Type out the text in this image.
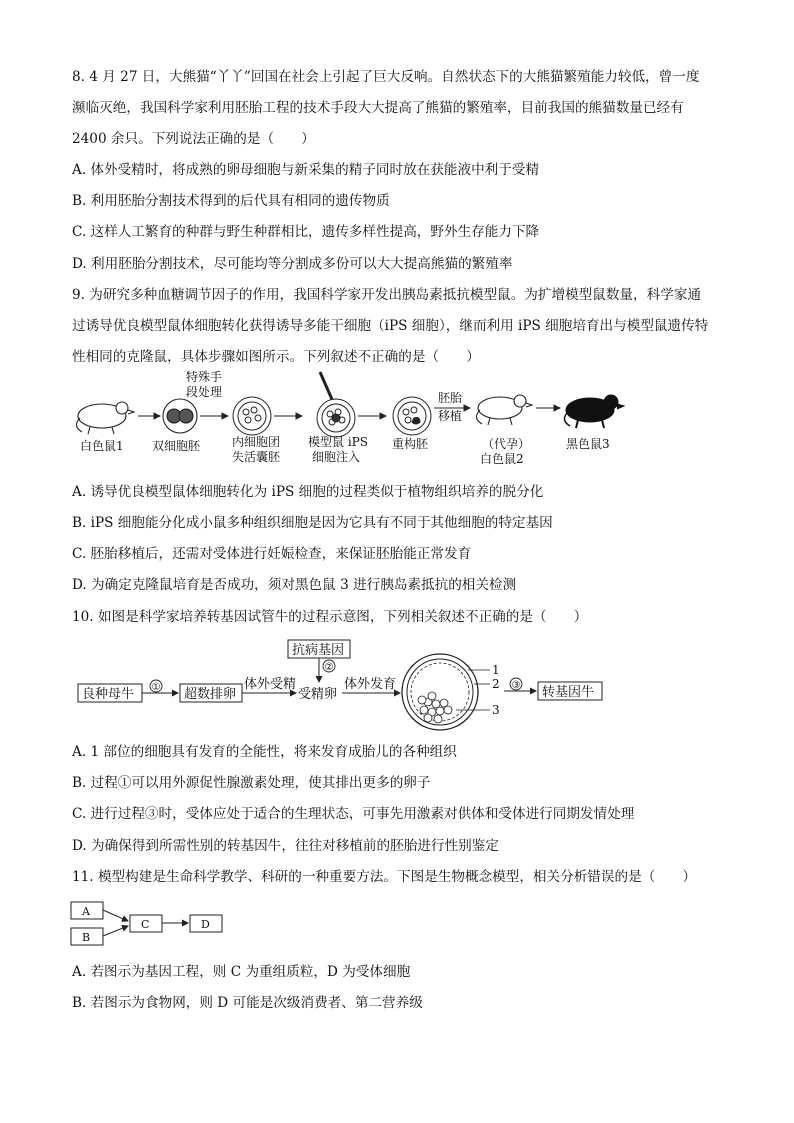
8. 4 月 27 日，大熊猫“丫丫”回国在社会上引起了巨大反响。自然状态下的大熊猫繁殖能力较低，曾一度
濒临灭绝，我国科学家利用胚胎工程的技术手段大大提高了熊猫的繁殖率，目前我国的熊猫数量已经有
2400 余只。下列说法正确的是（　　）
A. 体外受精时，将成熟的卵母细胞与新采集的精子同时放在获能液中利于受精
B. 利用胚胎分割技术得到的后代具有相同的遗传物质
C. 这样人工繁育的种群与野生种群相比，遗传多样性提高，野外生存能力下降
D. 利用胚胎分割技术，尽可能均等分割成多份可以大大提高熊猫的繁殖率
9. 为研究多种血糖调节因子的作用，我国科学家开发出胰岛素抵抗模型鼠。为扩增模型鼠数量，科学家通
过诱导优良模型鼠体细胞转化获得诱导多能干细胞（iPS 细胞），继而利用 iPS 细胞培育出与模型鼠遗传特
性相同的克隆鼠，具体步骤如图所示。下列叙述不正确的是（　　）
白色鼠1 双细胞胚
特殊手
段处理
内细胞团
失活囊胚
模型鼠 iPS
细胞注入
重构胚
胚胎
移植
（代孕）
白色鼠2
黑色鼠3
A. 诱导优良模型鼠体细胞转化为 iPS 细胞的过程类似于植物组织培养的脱分化
B. iPS 细胞能分化成小鼠多种组织细胞是因为它具有不同于其他细胞的特定基因
C. 胚胎移植后，还需对受体进行妊娠检查，来保证胚胎能正常发育
D. 为确定克隆鼠培育是否成功，须对黑色鼠 3 进行胰岛素抵抗的相关检测
10. 如图是科学家培养转基因试管牛的过程示意图，下列相关叙述不正确的是（　　）
抗病基因
②
良种母牛 ① 超数排卵
体外受精
受精卵
体外发育
1
2
3
③ 转基因牛
A. 1 部位的细胞具有发育的全能性，将来发育成胎儿的各种组织
B. 过程①可以用外源促性腺激素处理，使其排出更多的卵子
C. 进行过程③时，受体应处于适合的生理状态，可事先用激素对供体和受体进行同期发情处理
D. 为确保得到所需性别的转基因牛，往往对移植前的胚胎进行性别鉴定
11. 模型构建是生命科学教学、科研的一种重要方法。下图是生物概念模型，相关分析错误的是（　　）
A
B
C	D
A. 若图示为基因工程，则 C 为重组质粒，D 为受体细胞
B. 若图示为食物网，则 D 可能是次级消费者、第二营养级
